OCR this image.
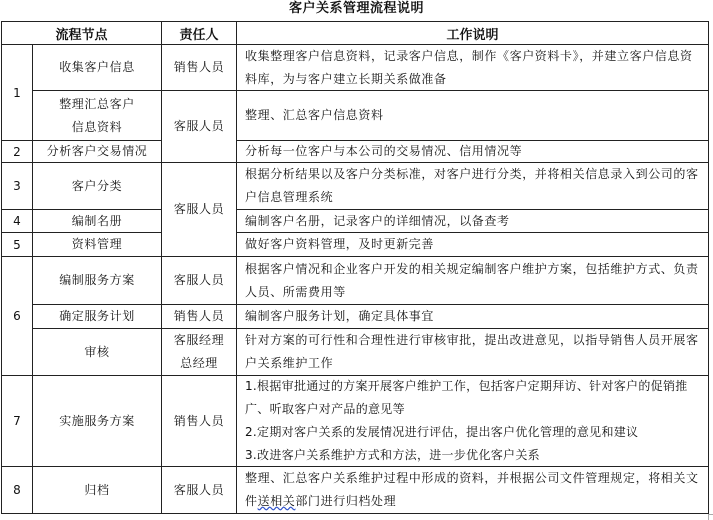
客户关系管理流程说明
流程节点	责任人	工作说明
1
2
3
4
5
6
7
8
收集客户信息
整理汇总客户
信息资料
分析客户交易情况
客户分类
编制名册
资料管理
编制服务方案
确定服务计划
审核
实施服务方案
归档
销售人员
客服人员
客服人员
客服人员
销售人员
客服经理
总经理
销售人员
客服人员
收集整理客户信息资料，记录客户信息，制作《客户资料卡》，并建立客户信息资料库，为与客户建立长期关系做准备
整理、汇总客户信息资料
分析每一位客户与本公司的交易情况、信用情况等
根据分析结果以及客户分类标准，对客户进行分类，并将相关信息录入到公司的客户信息管理系统
编制客户名册，记录客户的详细情况，以备查考
做好客户资料管理，及时更新完善
根据客户情况和企业客户开发的相关规定编制客户维护方案，包括维护方式、负责人员、所需费用等
编制客户服务计划，确定具体事宜
针对方案的可行性和合理性进行审核审批，提出改进意见，以指导销售人员开展客户关系维护工作
1.根据审批通过的方案开展客户维护工作，包括客户定期拜访、针对客户的促销推广、听取客户对产品的意见等
2.定期对客户关系的发展情况进行评估，提出客户优化管理的意见和建议
3.改进客户关系维护方式和方法，进一步优化客户关系
整理、汇总客户关系维护过程中形成的资料，并根据公司文件管理规定，将相关文件送相关部门进行归档处理
